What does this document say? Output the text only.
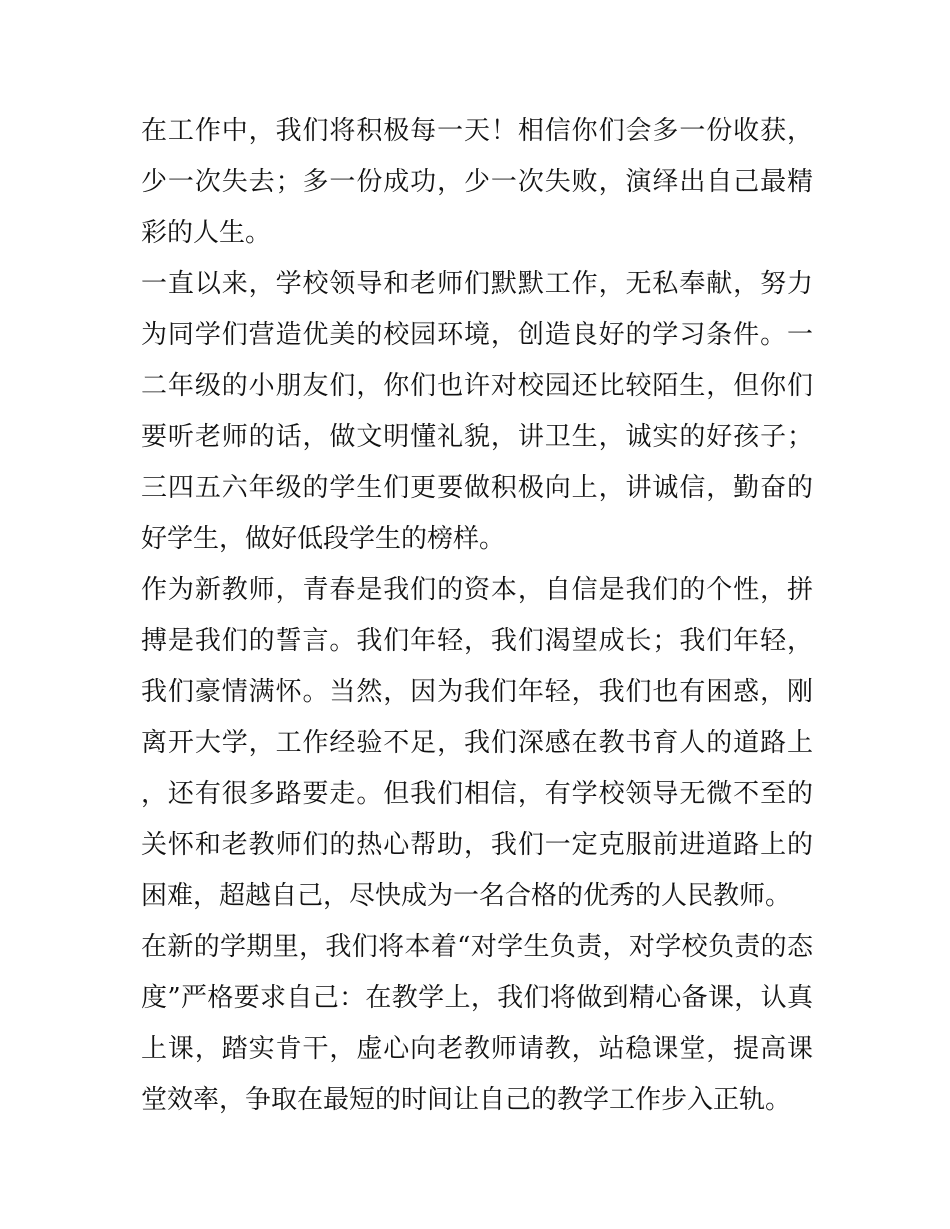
在工作中，我们将积极每一天！相信你们会多一份收获，少一次失去；多一份成功，少一次失败，演绎出自己最精彩的人生。

一直以来，学校领导和老师们默默工作，无私奉献，努力为同学们营造优美的校园环境，创造良好的学习条件。一二年级的小朋友们，你们也许对校园还比较陌生，但你们要听老师的话，做文明懂礼貌，讲卫生，诚实的好孩子；三四五六年级的学生们更要做积极向上，讲诚信，勤奋的好学生，做好低段学生的榜样。

作为新教师，青春是我们的资本，自信是我们的个性，拼搏是我们的誓言。我们年轻，我们渴望成长；我们年轻，我们豪情满怀。当然，因为我们年轻，我们也有困惑，刚离开大学，工作经验不足，我们深感在教书育人的道路上，还有很多路要走。但我们相信，有学校领导无微不至的关怀和老教师们的热心帮助，我们一定克服前进道路上的困难，超越自己，尽快成为一名合格的优秀的人民教师。

在新的学期里，我们将本着“对学生负责，对学校负责的态度”严格要求自己：在教学上，我们将做到精心备课，认真上课，踏实肯干，虚心向老教师请教，站稳课堂，提高课堂效率，争取在最短的时间让自己的教学工作步入正轨。
